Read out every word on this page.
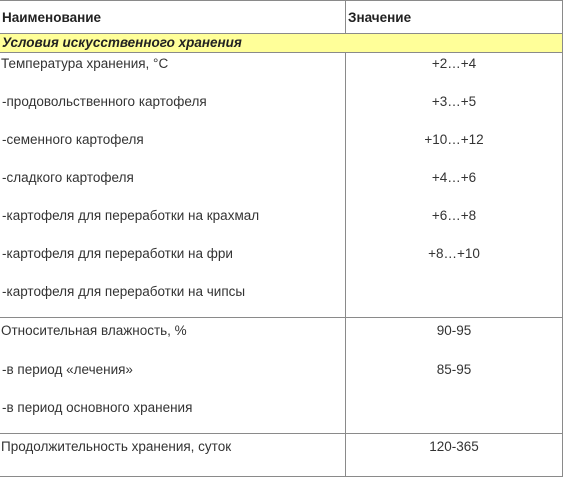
Наименование	Значение
Условия искусственного хранения
Температура хранения, °С	+2…+4
-продовольственного картофеля	+3…+5
-семенного картофеля	+10…+12
-сладкого картофеля	+4…+6
-картофеля для переработки на крахмал	+6…+8
-картофеля для переработки на фри	+8…+10
-картофеля для переработки на чипсы
Относительная влажность, %	90-95
-в период «лечения»	85-95
-в период основного хранения
Продолжительность хранения, суток	120-365
